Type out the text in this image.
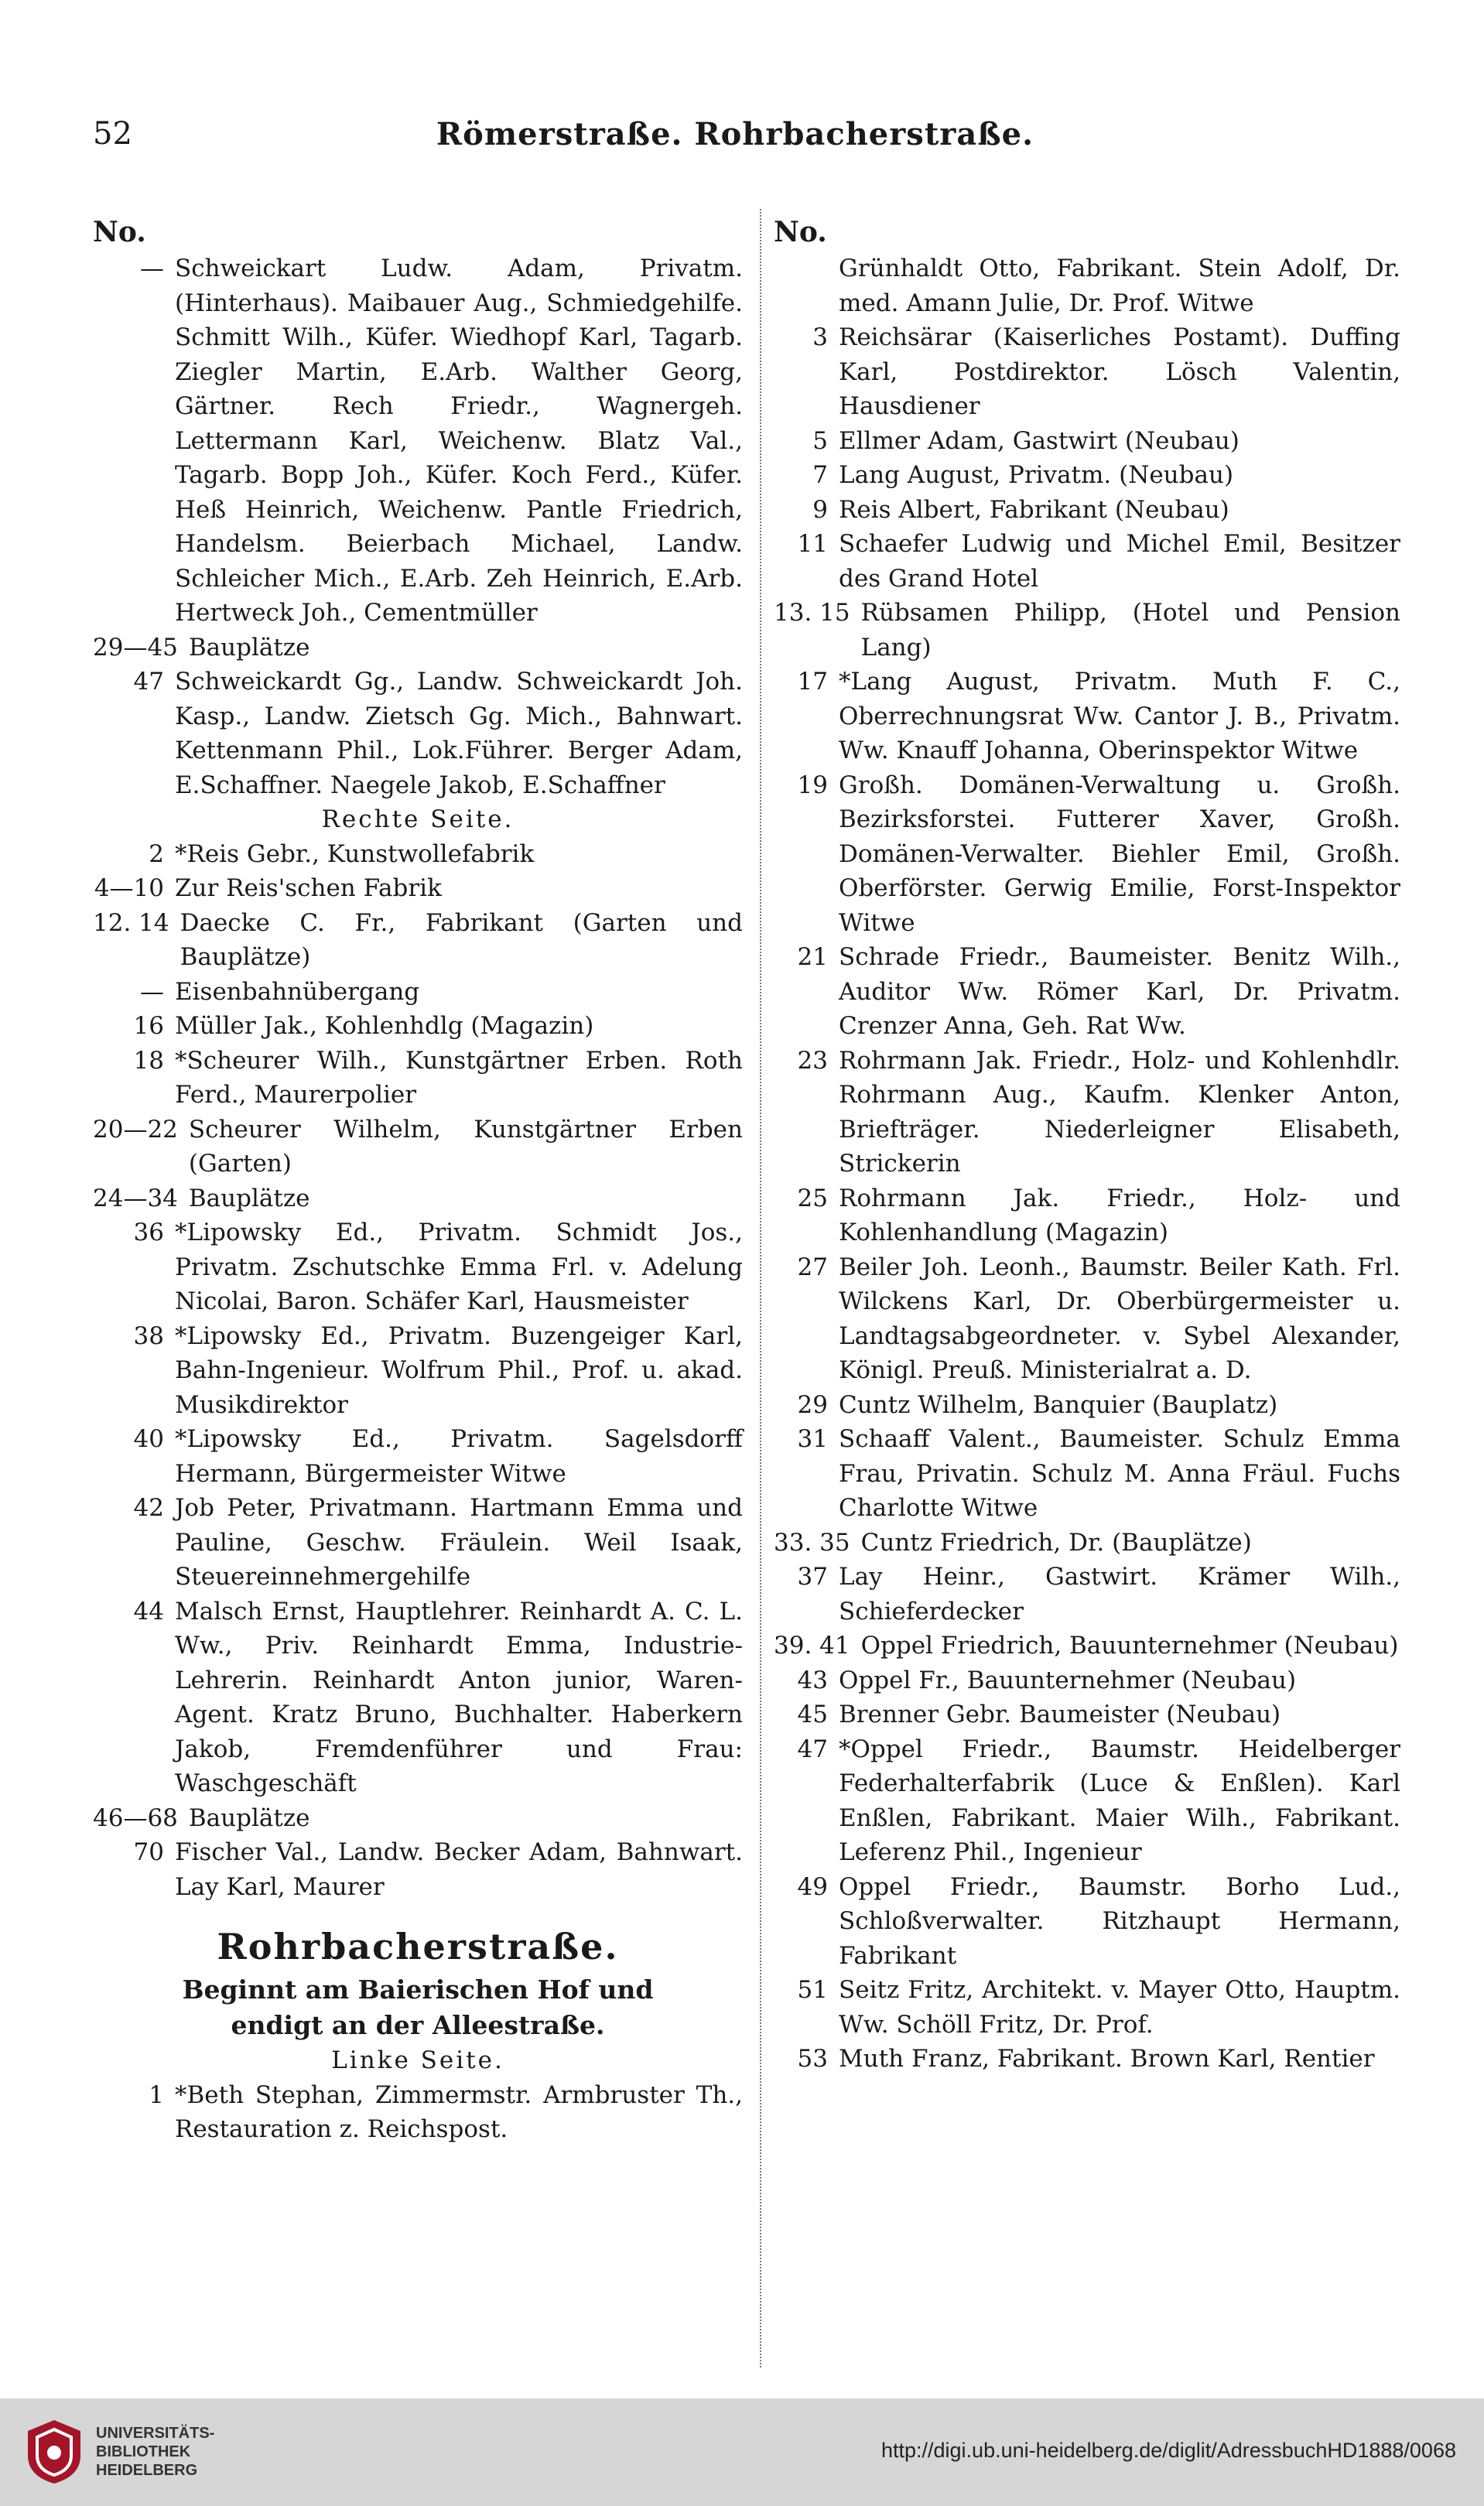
52	Römerstraße. Rohrbacherstraße.
No.
— Schweickart Ludw. Adam, Privatm. (Hinterhaus). Maibauer Aug., Schmiedgehilfe. Schmitt Wilh., Küfer. Wiedhopf Karl, Tagarb. Ziegler Martin, E.Arb. Walther Georg, Gärtner. Rech Friedr., Wagnergeh. Lettermann Karl, Weichenw. Blatz Val., Tagarb. Bopp Joh., Küfer. Koch Ferd., Küfer. Heß Heinrich, Weichenw. Pantle Friedrich, Handelsm. Beierbach Michael, Landw. Schleicher Mich., E.Arb. Zeh Heinrich, E.Arb. Hertweck Joh., Cementmüller
29—45 Bauplätze
47 Schweickardt Gg., Landw. Schweickardt Joh. Kasp., Landw. Zietsch Gg. Mich., Bahnwart. Kettenmann Phil., Lok.Führer. Berger Adam, E.Schaffner. Naegele Jakob, E.Schaffner
Rechte Seite.
2 *Reis Gebr., Kunstwollefabrik
4—10 Zur Reis'schen Fabrik
12. 14 Daecke C. Fr., Fabrikant (Garten und Bauplätze)
— Eisenbahnübergang
16 Müller Jak., Kohlenhdlg (Magazin)
18 *Scheurer Wilh., Kunstgärtner Erben. Roth Ferd., Maurerpolier
20—22 Scheurer Wilhelm, Kunstgärtner Erben (Garten)
24—34 Bauplätze
36 *Lipowsky Ed., Privatm. Schmidt Jos., Privatm. Zschutschke Emma Frl. v. Adelung Nicolai, Baron. Schäfer Karl, Hausmeister
38 *Lipowsky Ed., Privatm. Buzengeiger Karl, Bahn-Ingenieur. Wolfrum Phil., Prof. u. akad. Musikdirektor
40 *Lipowsky Ed., Privatm. Sagelsdorff Hermann, Bürgermeister Witwe
42 Job Peter, Privatmann. Hartmann Emma und Pauline, Geschw. Fräulein. Weil Isaak, Steuereinnehmergehilfe
44 Malsch Ernst, Hauptlehrer. Reinhardt A. C. L. Ww., Priv. Reinhardt Emma, Industrie-Lehrerin. Reinhardt Anton junior, Waren-Agent. Kratz Bruno, Buchhalter. Haberkern Jakob, Fremdenführer und Frau: Waschgeschäft
46—68 Bauplätze
70 Fischer Val., Landw. Becker Adam, Bahnwart. Lay Karl, Maurer
Rohrbacherstraße.
Beginnt am Baierischen Hof und endigt an der Alleestraße.
Linke Seite.
1 *Beth Stephan, Zimmermstr. Armbruster Th., Restauration z. Reichspost.
No.
Grünhaldt Otto, Fabrikant. Stein Adolf, Dr. med. Amann Julie, Dr. Prof. Witwe
3 Reichsärar (Kaiserliches Postamt). Duffing Karl, Postdirektor. Lösch Valentin, Hausdiener
5 Ellmer Adam, Gastwirt (Neubau)
7 Lang August, Privatm. (Neubau)
9 Reis Albert, Fabrikant (Neubau)
11 Schaefer Ludwig und Michel Emil, Besitzer des Grand Hotel
13. 15 Rübsamen Philipp, (Hotel und Pension Lang)
17 *Lang August, Privatm. Muth F. C., Oberrechnungsrat Ww. Cantor J. B., Privatm. Ww. Knauff Johanna, Oberinspektor Witwe
19 Großh. Domänen-Verwaltung u. Großh. Bezirksforstei. Futterer Xaver, Großh. Domänen-Verwalter. Biehler Emil, Großh. Oberförster. Gerwig Emilie, Forst-Inspektor Witwe
21 Schrade Friedr., Baumeister. Benitz Wilh., Auditor Ww. Römer Karl, Dr. Privatm. Crenzer Anna, Geh. Rat Ww.
23 Rohrmann Jak. Friedr., Holz- und Kohlenhdlr. Rohrmann Aug., Kaufm. Klenker Anton, Briefträger. Niederleigner Elisabeth, Strickerin
25 Rohrmann Jak. Friedr., Holz- und Kohlenhandlung (Magazin)
27 Beiler Joh. Leonh., Baumstr. Beiler Kath. Frl. Wilckens Karl, Dr. Oberbürgermeister u. Landtagsabgeordneter. v. Sybel Alexander, Königl. Preuß. Ministerialrat a. D.
29 Cuntz Wilhelm, Banquier (Bauplatz)
31 Schaaff Valent., Baumeister. Schulz Emma Frau, Privatin. Schulz M. Anna Fräul. Fuchs Charlotte Witwe
33. 35 Cuntz Friedrich, Dr. (Bauplätze)
37 Lay Heinr., Gastwirt. Krämer Wilh., Schieferdecker
39. 41 Oppel Friedrich, Bauunternehmer (Neubau)
43 Oppel Fr., Bauunternehmer (Neubau)
45 Brenner Gebr. Baumeister (Neubau)
47 *Oppel Friedr., Baumstr. Heidelberger Federhalterfabrik (Luce & Enßlen). Karl Enßlen, Fabrikant. Maier Wilh., Fabrikant. Leferenz Phil., Ingenieur
49 Oppel Friedr., Baumstr. Borho Lud., Schloßverwalter. Ritzhaupt Hermann, Fabrikant
51 Seitz Fritz, Architekt. v. Mayer Otto, Hauptm. Ww. Schöll Fritz, Dr. Prof.
53 Muth Franz, Fabrikant. Brown Karl, Rentier
UNIVERSITÄTS-
BIBLIOTHEK
HEIDELBERG
http://digi.ub.uni-heidelberg.de/diglit/AdressbuchHD1888/0068
